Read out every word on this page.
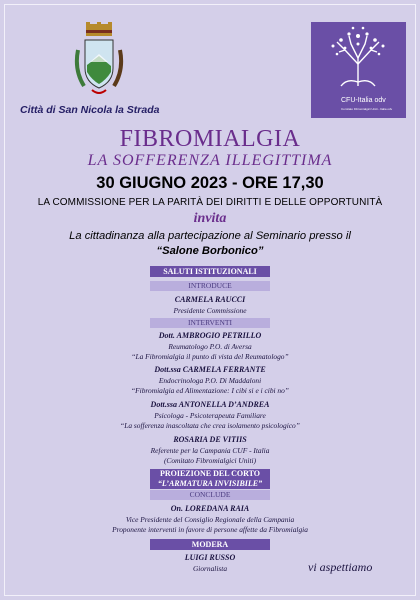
Città di San Nicola la Strada
CFU-Italia odv
Comitato Fibromialgici Uniti - Italia odv
FIBROMIALGIA
LA SOFFERENZA ILLEGITTIMA
30 GIUGNO 2023 - ORE 17,30
LA COMMISSIONE PER LA PARITÀ DEI DIRITTI E DELLE OPPORTUNITÀ
invita
La cittadinanza alla partecipazione al Seminario presso il
“Salone Borbonico”
SALUTI ISTITUZIONALI
INTRODUCE
CARMELA RAUCCI
Presidente Commissione
INTERVENTI
Dott. AMBROGIO PETRILLO
Reumatologo P.O. di Aversa
“La Fibromialgia il punto di vista del Reumatologo”
Dott.ssa CARMELA FERRANTE
Endocrinologa P.O. Di Maddaloni
“Fibromialgia ed Alimentazione: I cibi si e i cibi no”
Dott.ssa ANTONELLA D’ANDREA
Psicologa - Psicoterapeuta Familiare
“La sofferenza inascoltata che crea isolamento psicologico”
ROSARIA DE VITIIS
Referente per la Campania CUF - Italia
(Comitato Fibromialgici Uniti)
PROIEZIONE DEL CORTO
“L’ARMATURA INVISIBILE”
CONCLUDE
On. LOREDANA RAIA
Vice Presidente del Consiglio Regionale della Campania
Proponente interventi in favore di persone affette da Fibromialgia
MODERA
LUIGI RUSSO
Giornalista	vi aspettiamo
